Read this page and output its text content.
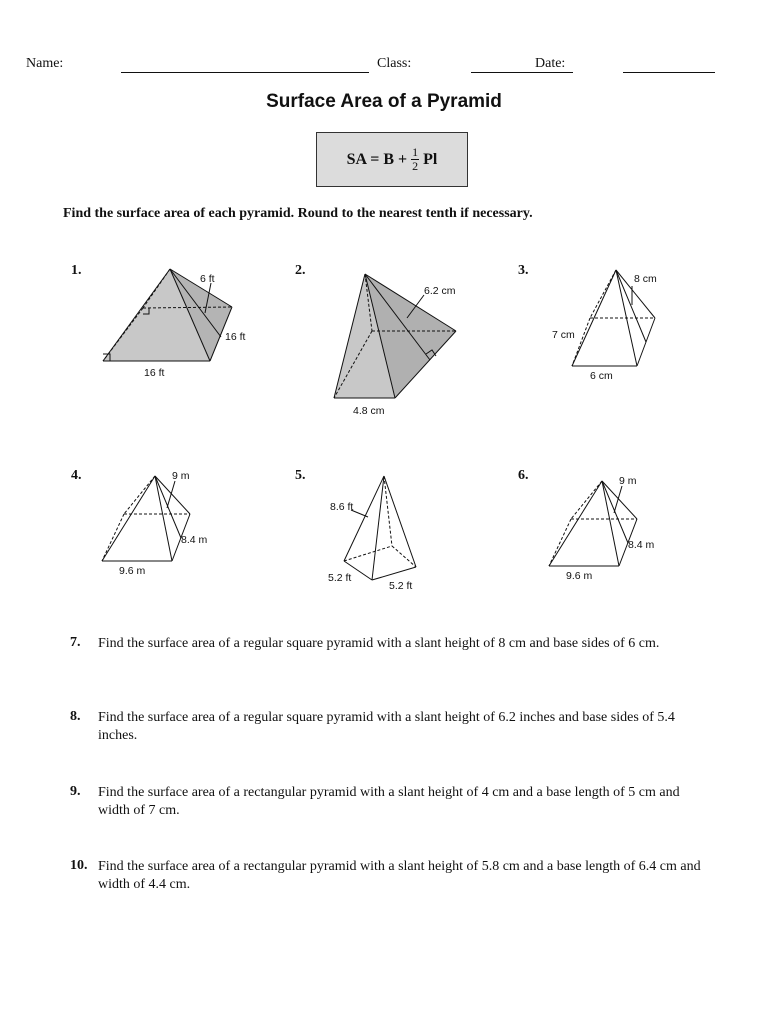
Name:	Class:	Date:
Surface Area of a Pyramid
SA = $B + \frac{1}{2}$ Pl
Find the surface area of each pyramid. Round to the nearest tenth if necessary.
1.	2.	3.
4.	5.	6.
6 ft
16 ft
16 ft
6.2 cm
4.8 cm
8 cm
7 cm
6 cm
9 m
8.4 m
9.6 m
8.6 ft
5.2 ft
5.2 ft
9 m
8.4 m
9.6 m
7. Find the surface area of a regular square pyramid with a slant height of 8 cm and base sides of 6 cm.
8. Find the surface area of a regular square pyramid with a slant height of 6.2 inches and base sides of 5.4 inches.
9. Find the surface area of a rectangular pyramid with a slant height of 4 cm and a base length of 5 cm and width of 7 cm.
10. Find the surface area of a rectangular pyramid with a slant height of 5.8 cm and a base length of 6.4 cm and width of 4.4 cm.
